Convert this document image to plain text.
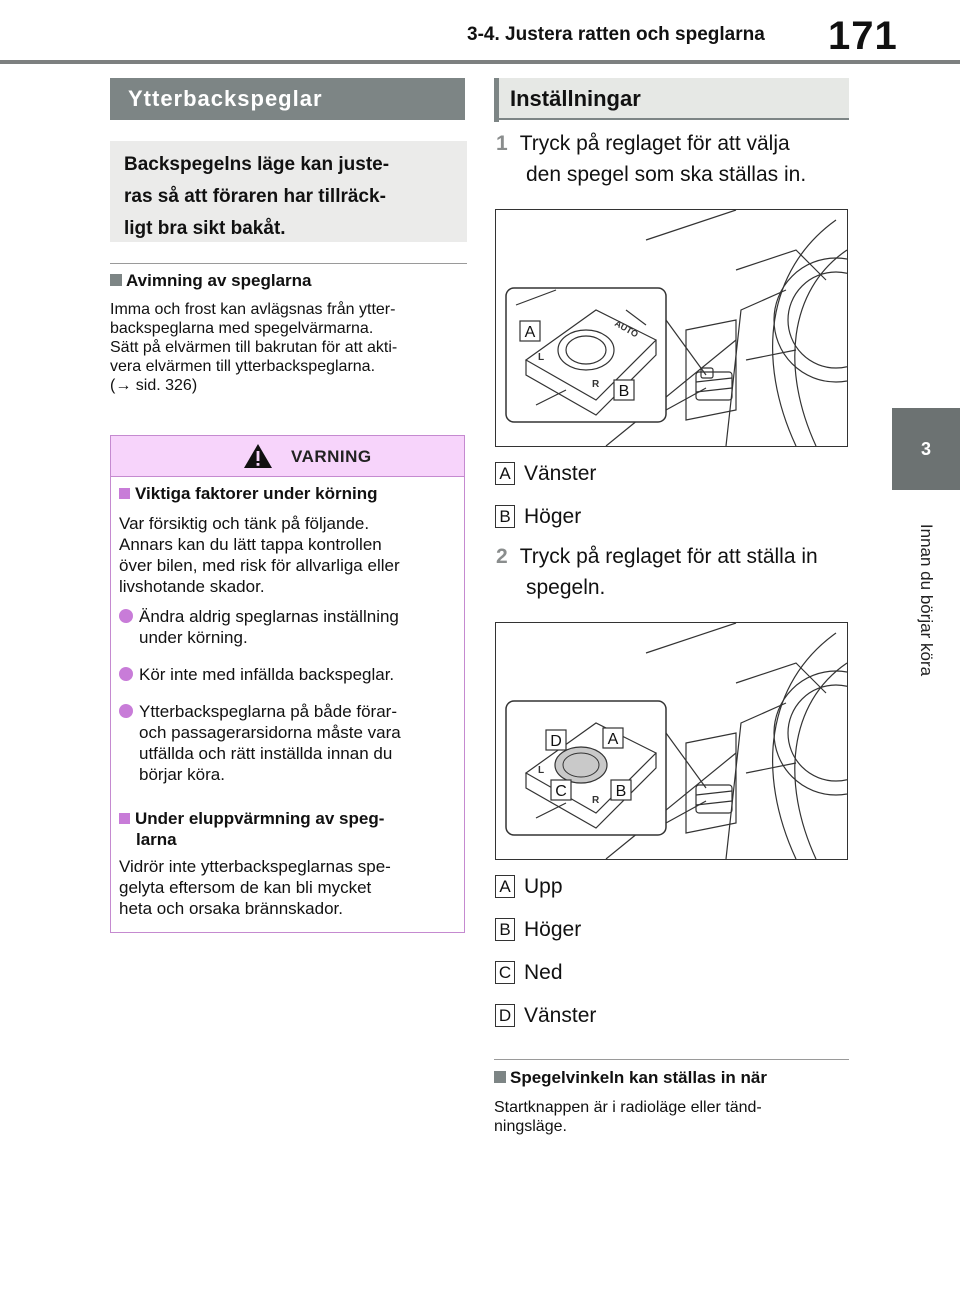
3-4. Justera ratten och speglarna 171
3
Innan du börjar köra
Ytterbackspeglar
Backspegelns läge kan juste-
ras så att föraren har tillräck-
ligt bra sikt bakåt.
Avimning av speglarna
Imma och frost kan avlägsnas från ytter-
backspeglarna med spegelvärmarna.
Sätt på elvärmen till bakrutan för att akti-
vera elvärmen till ytterbackspeglarna.
(→ sid. 326)
VARNING
Viktiga faktorer under körning
Var försiktig och tänk på följande.
Annars kan du lätt tappa kontrollen
över bilen, med risk för allvarliga eller
livshotande skador.
Ändra aldrig speglarnas inställning
under körning.
Kör inte med infällda backspeglar.
Ytterbackspeglarna på både förar-
och passagerarsidorna måste vara
utfällda och rätt inställda innan du
börjar köra.
Under eluppvärmning av speg-
larna
Vidrör inte ytterbackspeglarnas spe-
gelyta eftersom de kan bli mycket
heta och orsaka brännskador.
Inställningar
1 Tryck på reglaget för att välja
den spegel som ska ställas in.
AUTO
L
R
A
B
A Vänster
B Höger
2 Tryck på reglaget för att ställa in
spegeln.
L
R
D	A
C	B
A Upp
B Höger
C Ned
D Vänster
Spegelvinkeln kan ställas in när
Startknappen är i radioläge eller tänd-
ningsläge.
